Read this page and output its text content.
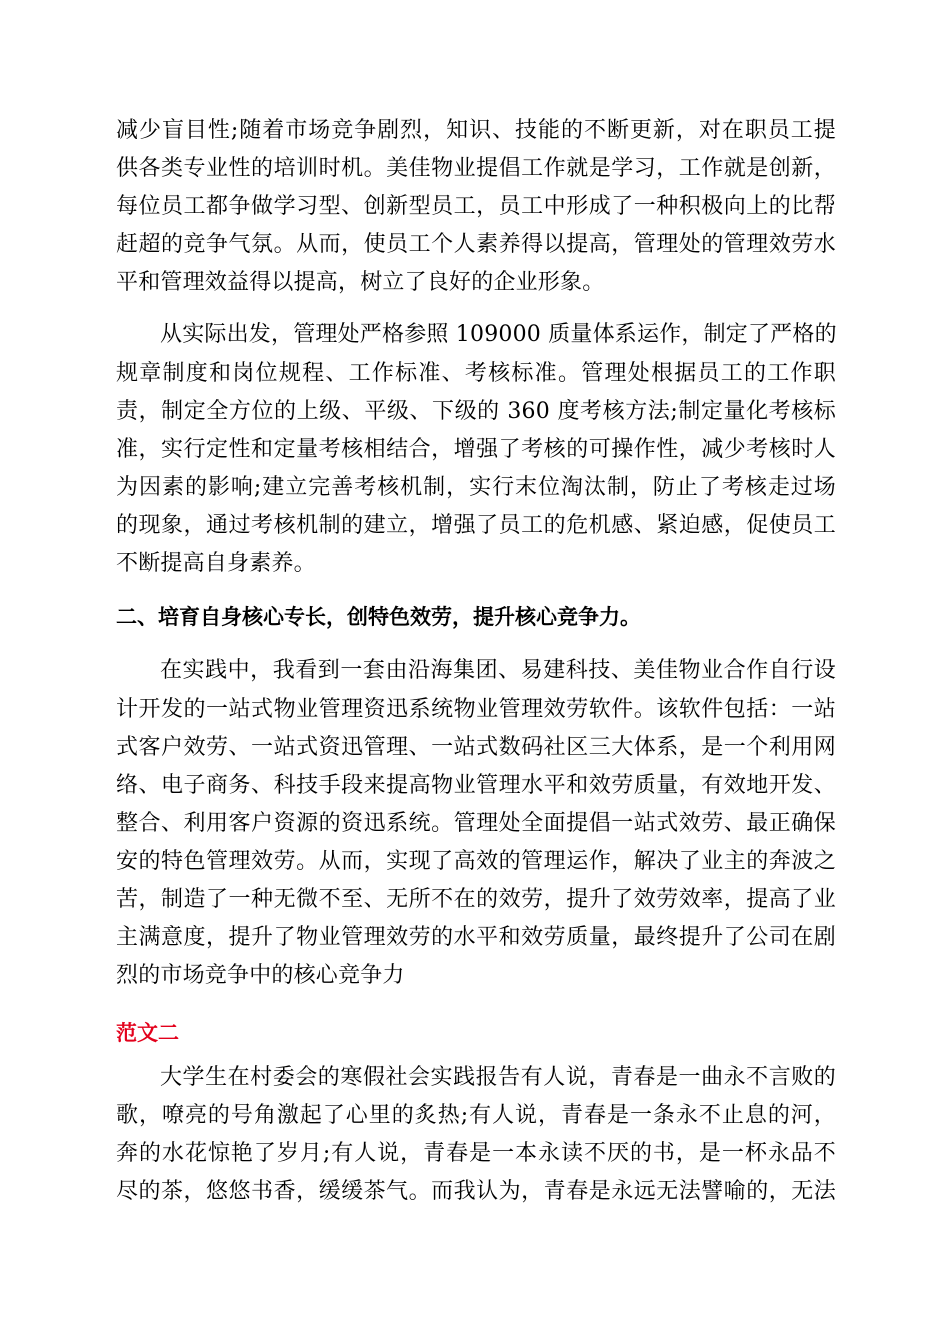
减少盲目性;随着市场竞争剧烈，知识、技能的不断更新，对在职员工提
供各类专业性的培训时机。美佳物业提倡工作就是学习，工作就是创新，
每位员工都争做学习型、创新型员工，员工中形成了一种积极向上的比帮
赶超的竞争气氛。从而，使员工个人素养得以提高，管理处的管理效劳水
平和管理效益得以提高，树立了良好的企业形象。
从实际出发，管理处严格参照 109000 质量体系运作，制定了严格的
规章制度和岗位规程、工作标准、考核标准。管理处根据员工的工作职
责，制定全方位的上级、平级、下级的 360 度考核方法;制定量化考核标
准，实行定性和定量考核相结合，增强了考核的可操作性，减少考核时人
为因素的影响;建立完善考核机制，实行末位淘汰制，防止了考核走过场
的现象，通过考核机制的建立，增强了员工的危机感、紧迫感，促使员工
不断提高自身素养。
二、培育自身核心专长，创特色效劳，提升核心竞争力。
在实践中，我看到一套由沿海集团、易建科技、美佳物业合作自行设
计开发的一站式物业管理资迅系统物业管理效劳软件。该软件包括：一站
式客户效劳、一站式资迅管理、一站式数码社区三大体系，是一个利用网
络、电子商务、科技手段来提高物业管理水平和效劳质量，有效地开发、
整合、利用客户资源的资迅系统。管理处全面提倡一站式效劳、最正确保
安的特色管理效劳。从而，实现了高效的管理运作，解决了业主的奔波之
苦，制造了一种无微不至、无所不在的效劳，提升了效劳效率，提高了业
主满意度，提升了物业管理效劳的水平和效劳质量，最终提升了公司在剧
烈的市场竞争中的核心竞争力
范文二
大学生在村委会的寒假社会实践报告有人说，青春是一曲永不言败的
歌，嘹亮的号角激起了心里的炙热;有人说，青春是一条永不止息的河，
奔的水花惊艳了岁月;有人说，青春是一本永读不厌的书，是一杯永品不
尽的茶，悠悠书香，缓缓茶气。而我认为，青春是永远无法譬喻的，无法
